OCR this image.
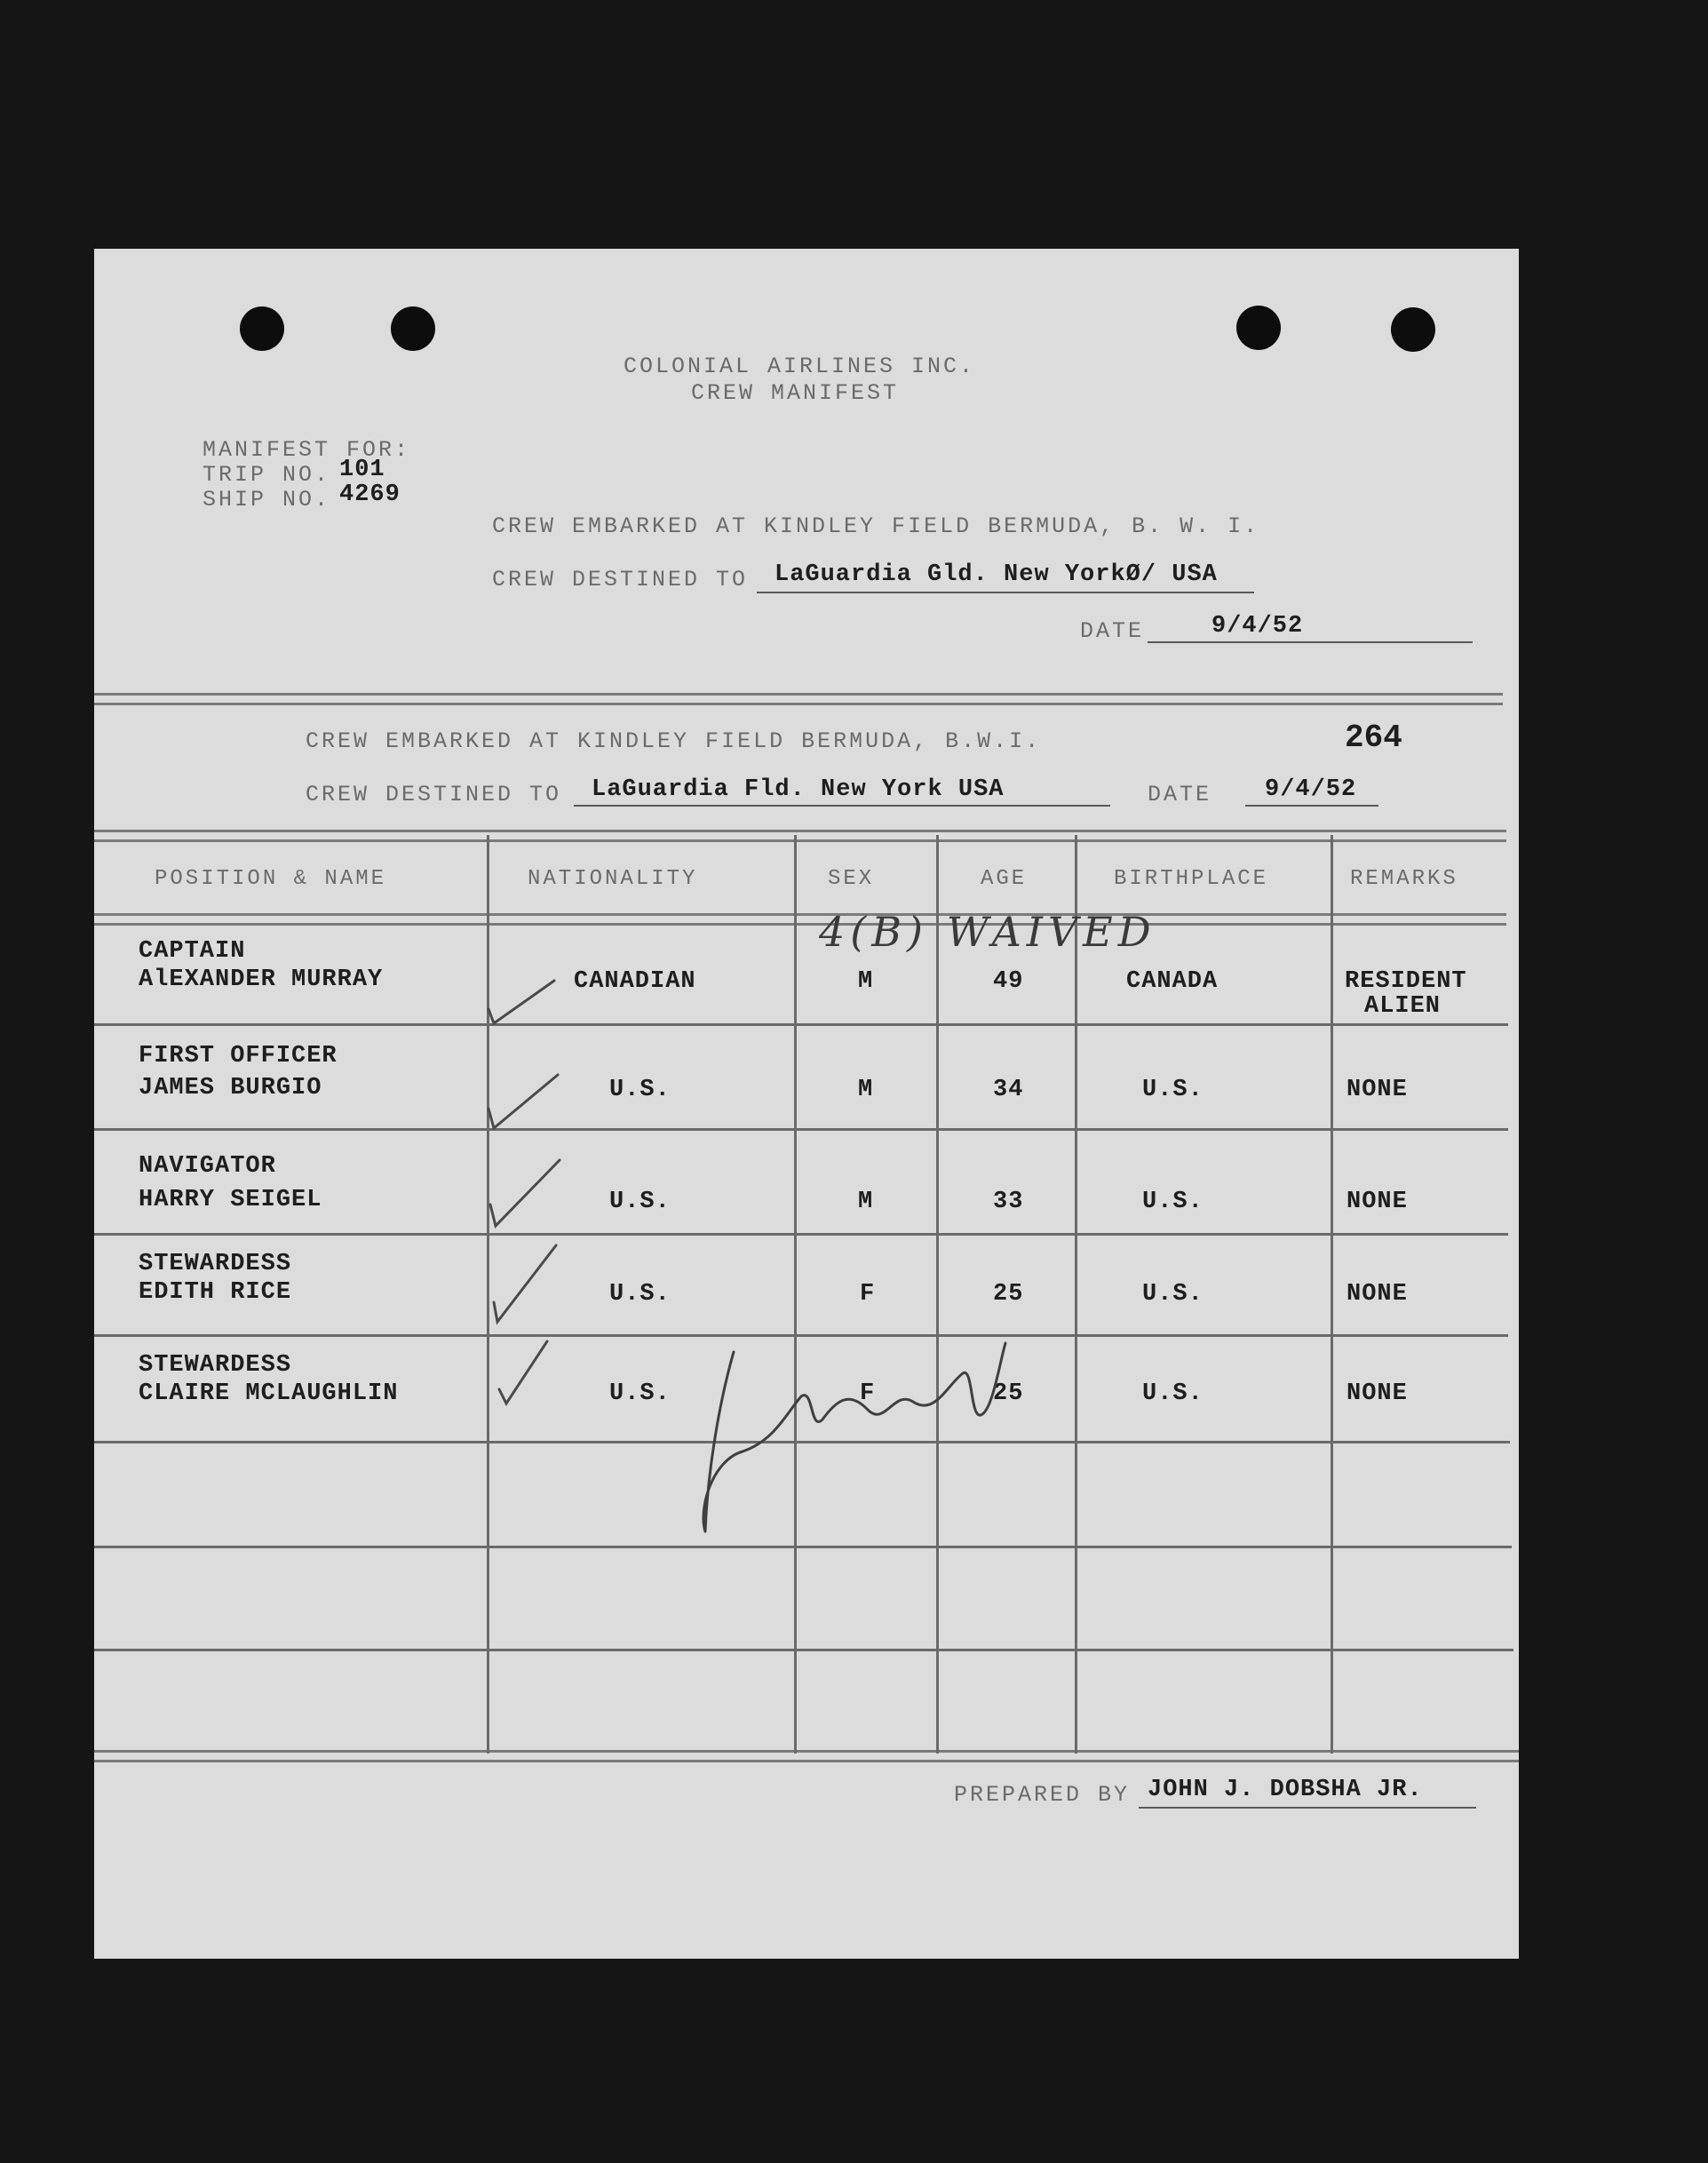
COLONIAL AIRLINES INC.
CREW MANIFEST
MANIFEST FOR:
TRIP NO. 101
SHIP NO. 4269
CREW EMBARKED AT KINDLEY FIELD BERMUDA, B. W. I.
CREW DESTINED TO LaGuardia Gld. New YorkØ/ USA
DATE	9/4/52
CREW EMBARKED AT KINDLEY FIELD BERMUDA, B.W.I.	264
CREW DESTINED TO LaGuardia Fld. New York USA	DATE 9/4/52
POSITION & NAME	NATIONALITY	SEX	AGE	BIRTHPLACE	REMARKS
CAPTAIN
AlEXANDER MURRAY	CANADIAN	M	49	CANADA	RESIDENT
ALIEN
FIRST OFFICER
JAMES BURGIO	U.S.	M	34	U.S.	NONE
NAVIGATOR
HARRY SEIGEL	U.S.	M	33	U.S.	NONE
STEWARDESS
EDITH RICE	U.S.	F	25	U.S.	NONE
STEWARDESS
CLAIRE MCLAUGHLIN	U.S.	F	25	U.S.	NONE
4(B) WAIVED
PREPARED BY JOHN J. DOBSHA JR.
